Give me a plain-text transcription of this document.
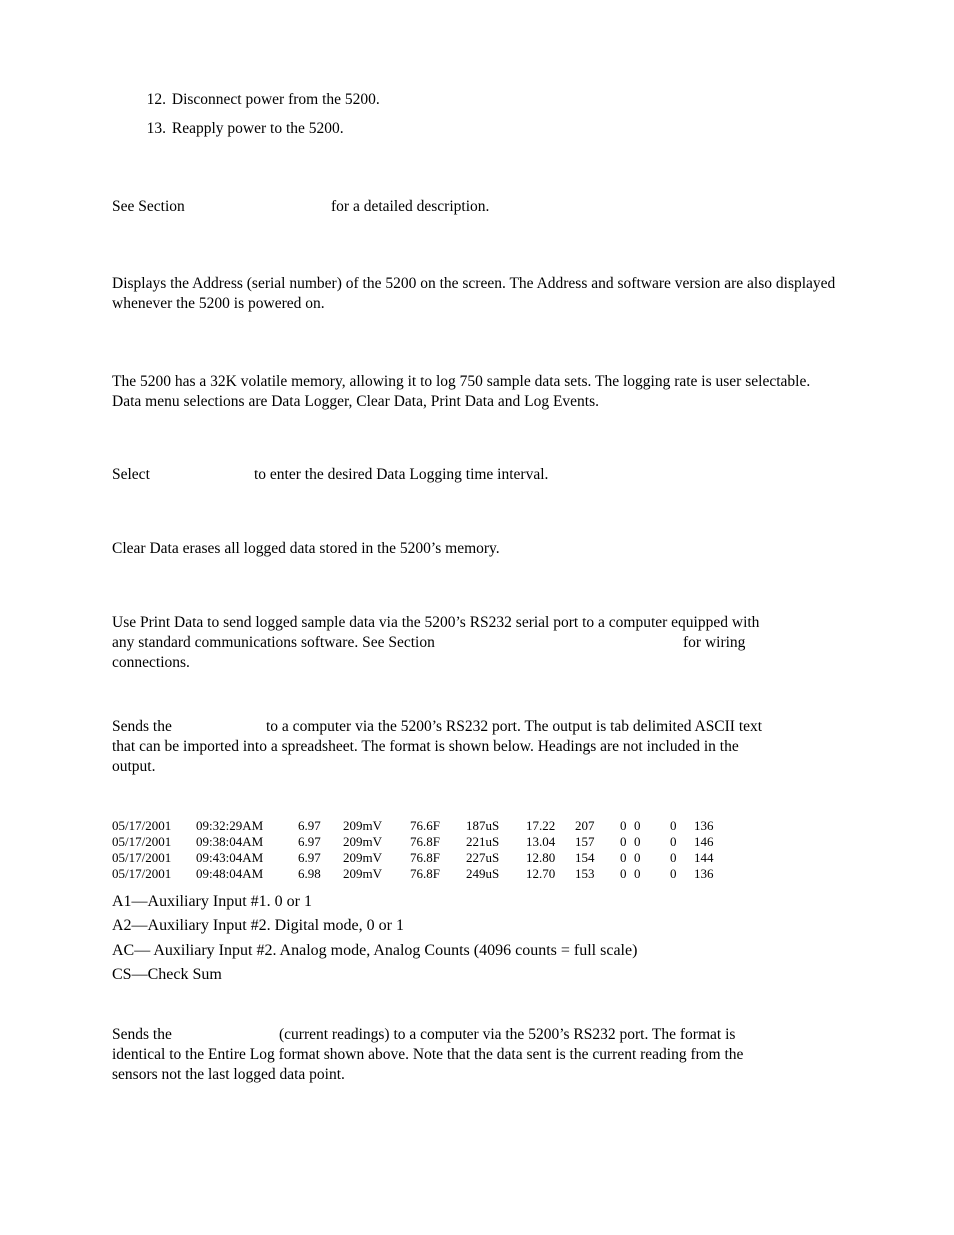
12. Disconnect power from the 5200.
13. Reapply power to the 5200.
See Section	for a detailed description.
Displays the Address (serial number) of the 5200 on the screen. The Address and software version are also displayed whenever the 5200 is powered on.
The 5200 has a 32K volatile memory, allowing it to log 750 sample data sets. The logging rate is user selectable. Data menu selections are Data Logger, Clear Data, Print Data and Log Events.
Select	to enter the desired Data Logging time interval.
Clear Data erases all logged data stored in the 5200’s memory.
Use Print Data to send logged sample data via the 5200’s RS232 serial port to a computer equipped with
any standard communications software. See Section	for wiring
connections.
Sends the	to a computer via the 5200’s RS232 port. The output is tab delimited ASCII text
that can be imported into a spreadsheet. The format is shown below. Headings are not included in the
output.
05/17/2001 09:32:29AM	6.97 209mV 76.6F 187uS 17.22 207 0 0 0 136
05/17/2001 09:38:04AM	6.97 209mV 76.8F 221uS 13.04 157 0 0 0 146
05/17/2001 09:43:04AM	6.97 209mV 76.8F 227uS 12.80 154 0 0 0 144
05/17/2001 09:48:04AM	6.98 209mV 76.8F 249uS 12.70 153 0 0 0 136
A1—Auxiliary Input #1. 0 or 1
A2—Auxiliary Input #2. Digital mode, 0 or 1
AC— Auxiliary Input #2. Analog mode, Analog Counts (4096 counts = full scale)
CS—Check Sum
Sends the	(current readings) to a computer via the 5200’s RS232 port. The format is
identical to the Entire Log format shown above. Note that the data sent is the current reading from the
sensors not the last logged data point.
